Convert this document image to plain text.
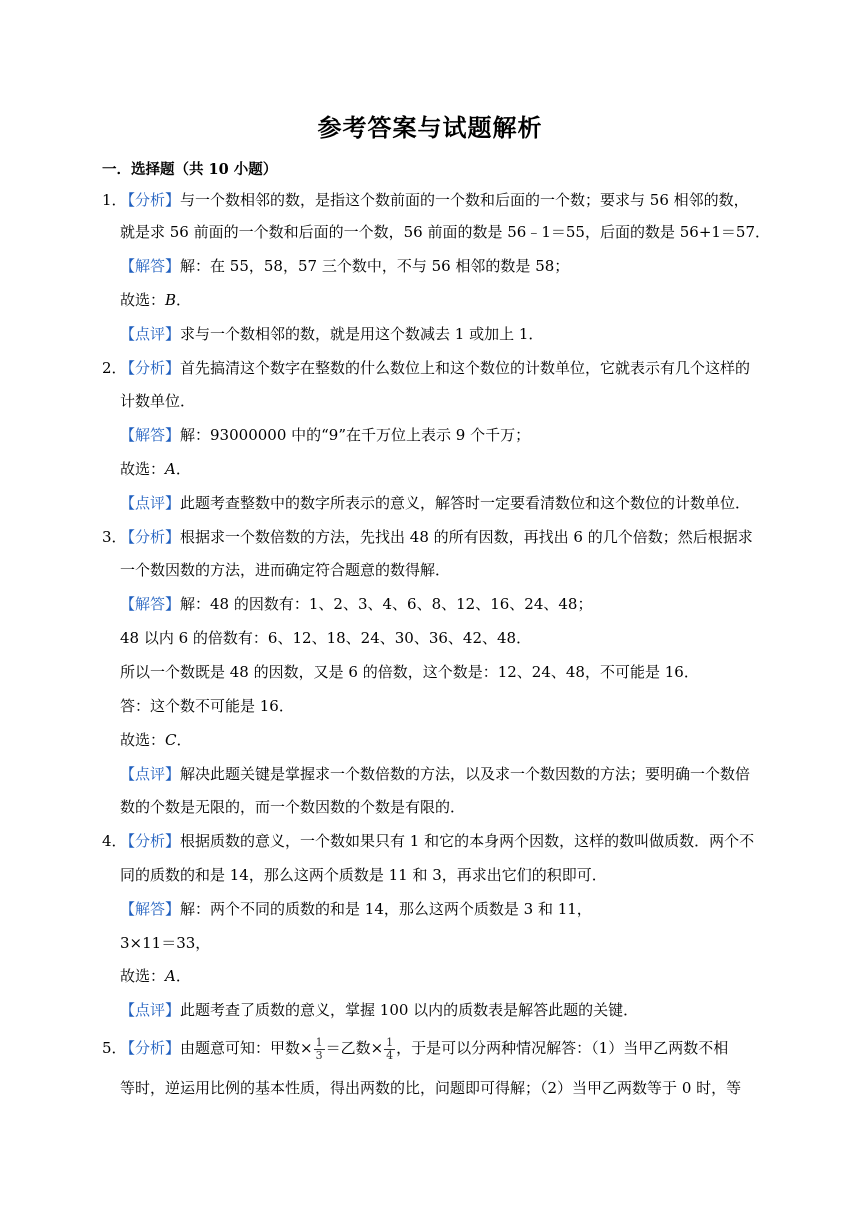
参考答案与试题解析
一．选择题（共 10 小题）
1．
【分析】与一个数相邻的数，是指这个数前面的一个数和后面的一个数；要求与 56 相邻的数，
就是求 56 前面的一个数和后面的一个数，56 前面的数是 56﹣1＝55，后面的数是 56+1＝57．
【解答】解：在 55，58，57 三个数中，不与 56 相邻的数是 58；
故选：B．
【点评】求与一个数相邻的数，就是用这个数减去 1 或加上 1．
2．
【分析】首先搞清这个数字在整数的什么数位上和这个数位的计数单位，它就表示有几个这样的
计数单位．
【解答】解：93000000 中的“9”在千万位上表示 9 个千万；
故选：A．
【点评】此题考查整数中的数字所表示的意义，解答时一定要看清数位和这个数位的计数单位．
3．
【分析】根据求一个数倍数的方法，先找出 48 的所有因数，再找出 6 的几个倍数；然后根据求
一个数因数的方法，进而确定符合题意的数得解．
【解答】解：48 的因数有：1、2、3、4、6、8、12、16、24、48；
48 以内 6 的倍数有：6、12、18、24、30、36、42、48．
所以一个数既是 48 的因数，又是 6 的倍数，这个数是：12、24、48，不可能是 16．
答：这个数不可能是 16．
故选：C．
【点评】解决此题关键是掌握求一个数倍数的方法，以及求一个数因数的方法；要明确一个数倍
数的个数是无限的，而一个数因数的个数是有限的．
4．
【分析】根据质数的意义，一个数如果只有 1 和它的本身两个因数，这样的数叫做质数．两个不
同的质数的和是 14，那么这两个质数是 11 和 3，再求出它们的积即可．
【解答】解：两个不同的质数的和是 14，那么这两个质数是 3 和 11，
3×11＝33，
故选：A．
【点评】此题考查了质数的意义，掌握 100 以内的质数表是解答此题的关键．
5．
【分析】由题意可知：甲数× $\frac{1}{3}$ ＝乙数× $\frac{1}{4}$ ，于是可以分两种情况解答：（1）当甲乙两数不相
等时，逆运用比例的基本性质，得出两数的比，问题即可得解；（2）当甲乙两数等于 0 时，等
